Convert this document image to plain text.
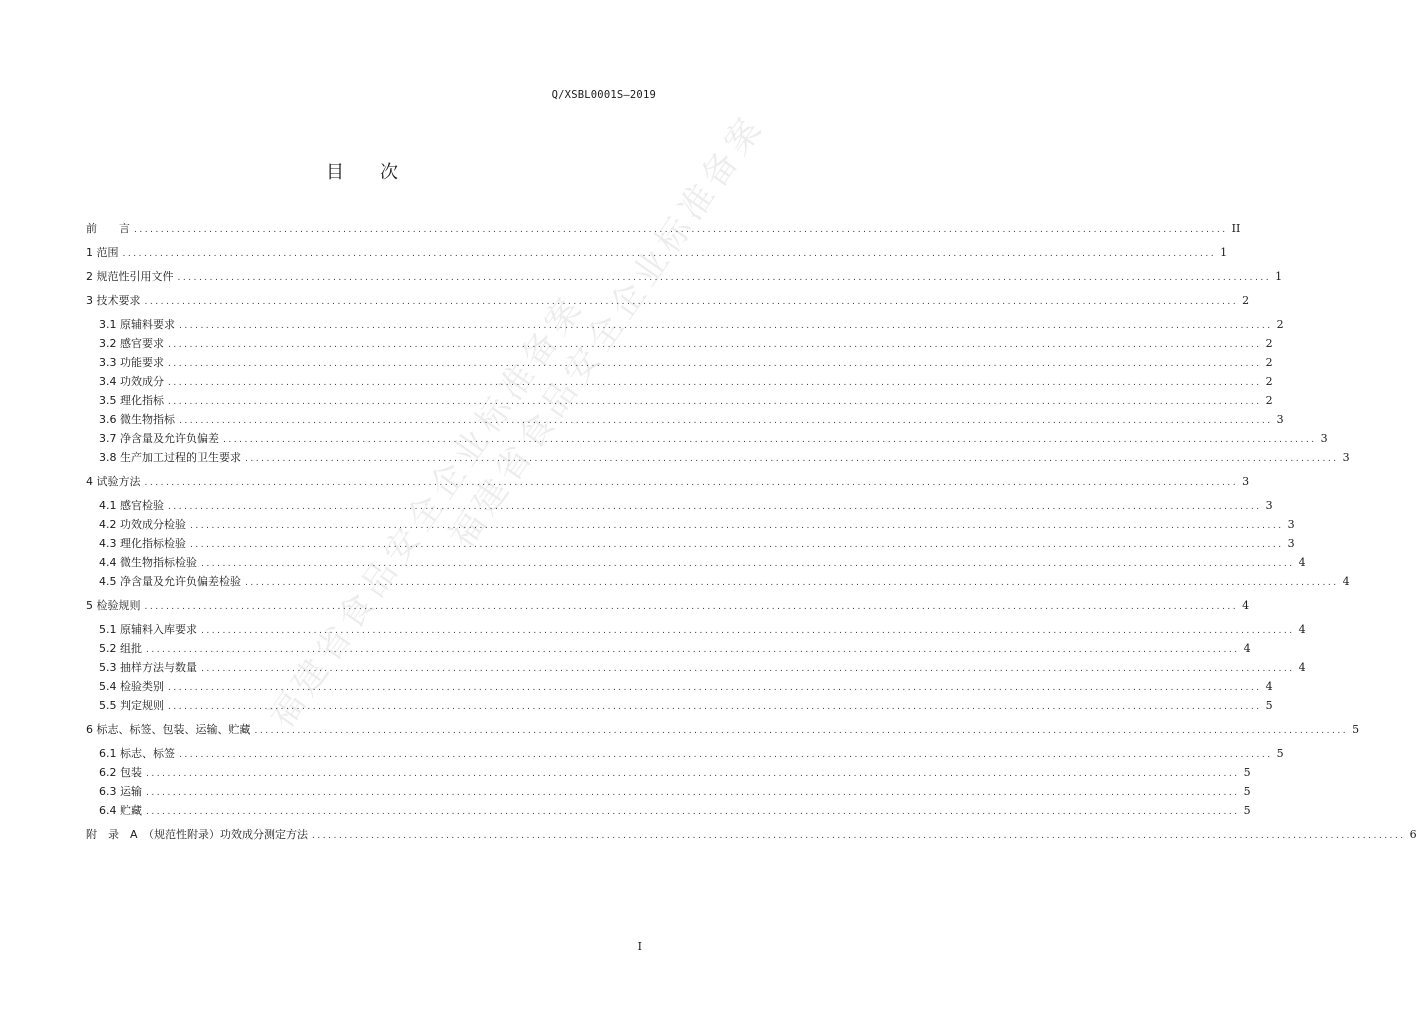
Q/XSBL0001S—2019
目 次
福建省食品安全企业标准备案
福建省食品安全企业标准备案
前　　言 .....	II
1 范围 .....	1
2 规范性引用文件 .....	1
3 技术要求 .....	2
3.1 原辅料要求 .....	2
3.2 感官要求 .....	2
3.3 功能要求 .....	2
3.4 功效成分 .....	2
3.5 理化指标 .....	2
3.6 微生物指标 .....	3
3.7 净含量及允许负偏差 .....	3
3.8 生产加工过程的卫生要求 .....	3
4 试验方法 .....	3
4.1 感官检验 .....	3
4.2 功效成分检验 .....	3
4.3 理化指标检验 .....	3
4.4 微生物指标检验 .....	4
4.5 净含量及允许负偏差检验 .....	4
5 检验规则 .....	4
5.1 原辅料入库要求 .....	4
5.2 组批 .....	4
5.3 抽样方法与数量 .....	4
5.4 检验类别 .....	4
5.5 判定规则 .....	5
6 标志、标签、包装、运输、贮藏 .....	5
6.1 标志、标签 .....	5
6.2 包装 .....	5
6.3 运输 .....	5
6.4 贮藏 .....	5
附　录　A　（规范性附录）功效成分测定方法 .....	6
I
